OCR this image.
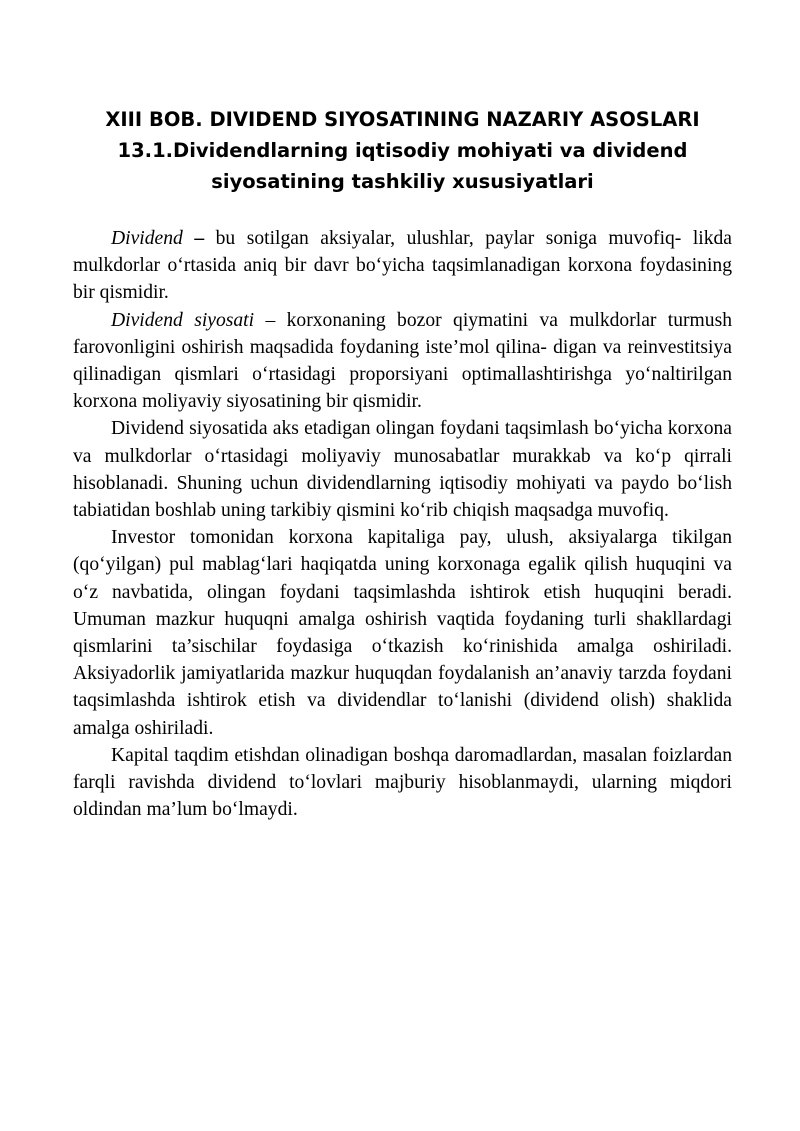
XIII BOB. DIVIDEND SIYOSATINING NAZARIY ASOSLARI

13.1.Dividendlarning iqtisodiy mohiyati va dividend

siyosatining tashkiliy xususiyatlari

Dividend – bu sotilgan aksiyalar, ulushlar, paylar soniga muvofiq- likda mulkdorlar o‘rtasida aniq bir davr bo‘yicha taqsimlanadigan korxona foydasining bir qismidir.

Dividend siyosati – korxonaning bozor qiymatini va mulkdorlar turmush farovonligini oshirish maqsadida foydaning iste’mol qilina- digan va reinvestitsiya qilinadigan qismlari o‘rtasidagi proporsiyani optimallashtirishga yo‘naltirilgan korxona moliyaviy siyosatining bir qismidir.

Dividend siyosatida aks etadigan olingan foydani taqsimlash bo‘yicha korxona va mulkdorlar o‘rtasidagi moliyaviy munosabatlar murakkab va ko‘p qirrali hisoblanadi. Shuning uchun dividendlarning iqtisodiy mohiyati va paydo bo‘lish tabiatidan boshlab uning tarkibiy qismini ko‘rib chiqish maqsadga muvofiq.

Investor tomonidan korxona kapitaliga pay, ulush, aksiyalarga tikilgan (qo‘yilgan) pul mablag‘lari haqiqatda uning korxonaga egalik qilish huquqini va o‘z navbatida, olingan foydani taqsimlashda ishtirok etish huquqini beradi. Umuman mazkur huquqni amalga oshirish vaqtida foydaning turli shakllardagi qismlarini ta’sischilar foydasiga o‘tkazish ko‘rinishida amalga oshiriladi. Aksiyadorlik jamiyatlarida mazkur huquqdan foydalanish an’anaviy tarzda foydani taqsimlashda ishtirok etish va dividendlar to‘lanishi (dividend olish) shaklida amalga oshiriladi.

Kapital taqdim etishdan olinadigan boshqa daromadlardan, masalan foizlardan farqli ravishda dividend to‘lovlari majburiy hisoblanmaydi, ularning miqdori oldindan ma’lum bo‘lmaydi.
